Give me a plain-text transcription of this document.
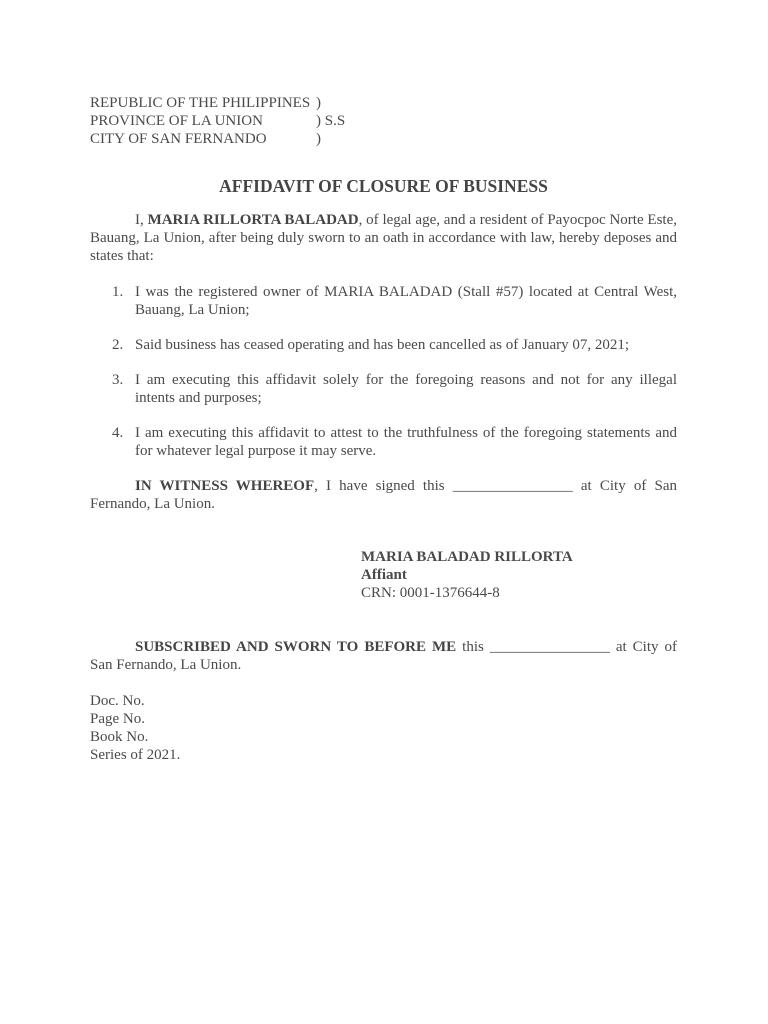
REPUBLIC OF THE PHILIPPINES )
PROVINCE OF LA UNION	) S.S
CITY OF SAN FERNANDO	)
AFFIDAVIT OF CLOSURE OF BUSINESS

I, MARIA RILLORTA BALADAD, of legal age, and a resident of Payocpoc Norte Este, Bauang, La Union, after being duly sworn to an oath in accordance with law, hereby deposes and states that:

1. I was the registered owner of MARIA BALADAD (Stall #57) located at Central West, Bauang, La Union;
2. Said business has ceased operating and has been cancelled as of January 07, 2021;
3. I am executing this affidavit solely for the foregoing reasons and not for any illegal intents and purposes;
4. I am executing this affidavit to attest to the truthfulness of the foregoing statements and for whatever legal purpose it may serve.

IN WITNESS WHEREOF, I have signed this ________________ at City of San Fernando, La Union.

MARIA BALADAD RILLORTA
Affiant
CRN: 0001-1376644-8

SUBSCRIBED AND SWORN TO BEFORE ME this ________________ at City of San Fernando, La Union.

Doc. No.
Page No.
Book No.
Series of 2021.
